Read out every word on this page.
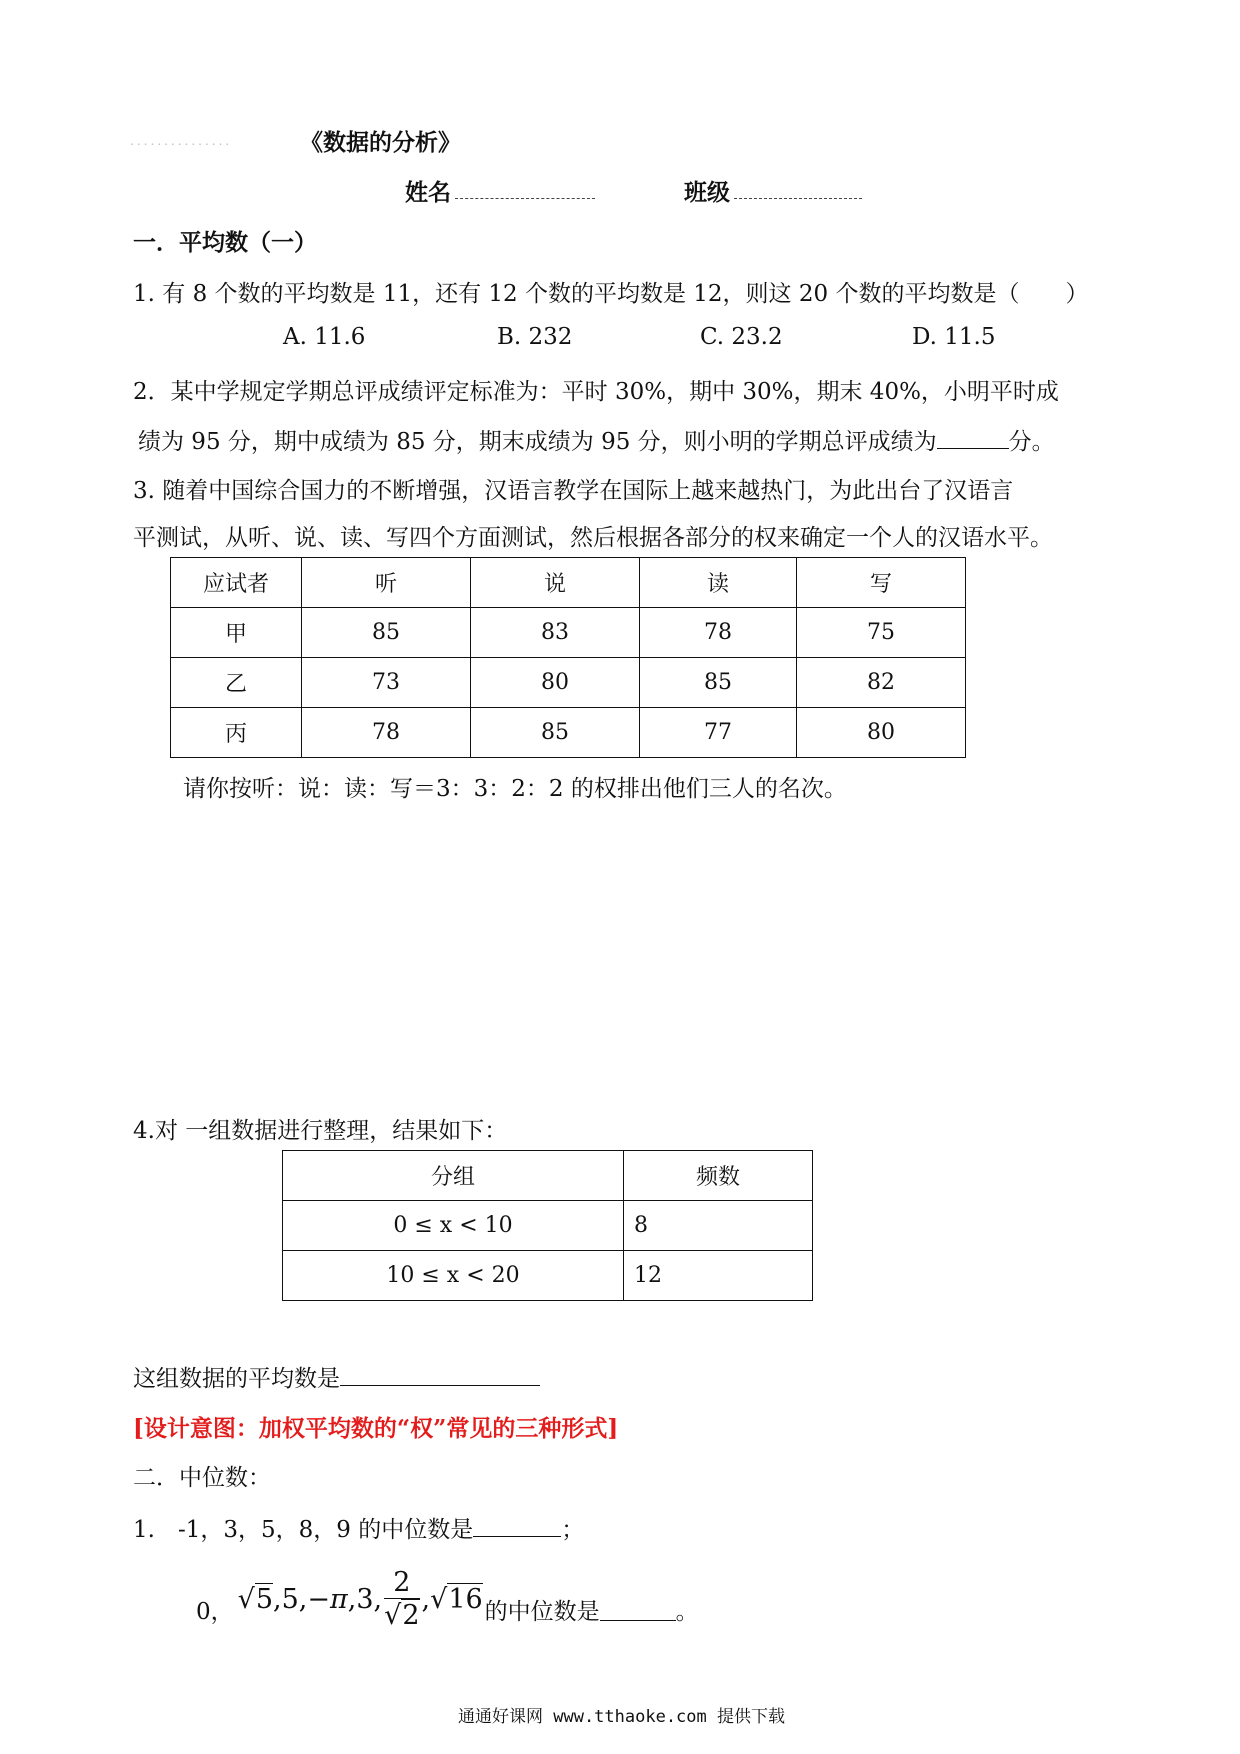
...............	《数据的分析》
姓名	班级
一．平均数（一）
1. 有 8 个数的平均数是 11，还有 12 个数的平均数是 12，则这 20 个数的平均数是（　　）
A. 11.6	B. 232	C. 23.2	D. 11.5
2．某中学规定学期总评成绩评定标准为：平时 30%，期中 30%，期末 40%，小明平时成
绩为 95 分，期中成绩为 85 分，期末成绩为 95 分，则小明的学期总评成绩为	分。
3. 随着中国综合国力的不断增强，汉语言教学在国际上越来越热门，为此出台了汉语言
平测试，从听、说、读、写四个方面测试，然后根据各部分的权来确定一个人的汉语水平。
应试者	听	说	读	写
甲	85	83	78	75
乙	73	80	85	82
丙	78	85	77	80
请你按听：说：读：写＝3：3：2：2 的权排出他们三人的名次。
4.对 一组数据进行整理，结果如下：
分组	频数
0 ≤ x < 10	8
10 ≤ x < 20	12
这组数据的平均数是
[设计意图：加权平均数的“权”常见的三种形式]
二．中位数：
1.　-1，3，5，8，9 的中位数是	；
0， √5,5,−π,3, $\frac{2}{√2} ,√16$ 的中位数是	。
通通好课网 www.tthaoke.com 提供下载
